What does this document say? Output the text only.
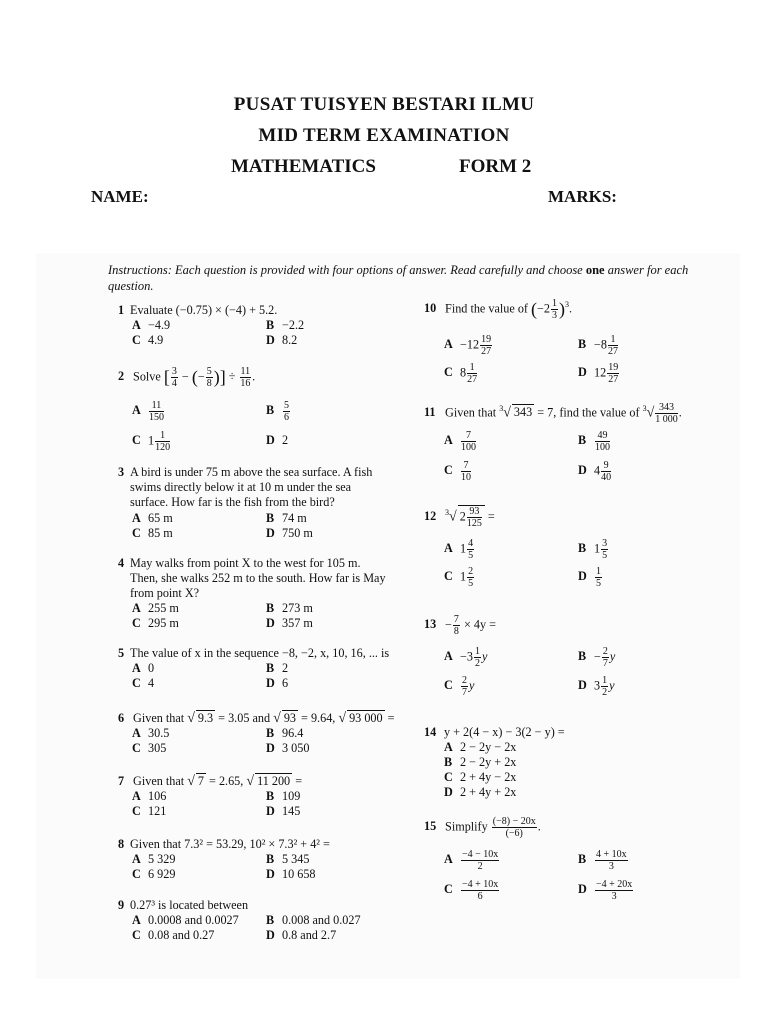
PUSAT TUISYEN BESTARI ILMU
MID TERM EXAMINATION
MATHEMATICS	FORM 2
NAME:	MARKS:
Instructions: Each question is provided with four options of answer. Read carefully and choose one answer for each question.
1 Evaluate (−0.75) × (−4) + 5.2.
A −4.9	B −2.2
C 4.9	D 8.2
2 Solve [ $\frac{3}{4}$ − (− $\frac{5}{8}$ )] ÷ $\frac{11}{16}$ .
A $\frac{11}{150}$	B $\frac{5}{6}$
C $1 \frac{1}{120}$	D 2
3 A bird is under 75 m above the sea surface. A fish
swims directly below it at 10 m under the sea
surface. How far is the fish from the bird?
A 65 m	B 74 m
C 85 m	D 750 m
4 May walks from point X to the west for 105 m.
Then, she walks 252 m to the south. How far is May
from point X?
A 255 m	B 273 m
C 295 m	D 357 m
5 The value of x in the sequence −8, −2, x, 10, 16, ... is
A 0	B 2
C 4	D 6
6 Given that √ 9.3 = 3.05 and √ 93 = 9.64, √ 93 000 =
A 30.5	B 96.4
C 305	D 3 050
7 Given that √ 7 = 2.65, √ 11 200 =
A 106	B 109
C 121	D 145
8 Given that 7.3² = 53.29, 10² × 7.3² + 4² =
A 5 329	B 5 345
C 6 929	D 10 658
9 0.27³ is located between
A 0.0008 and 0.0027 B 0.008 and 0.027
C 0.08 and 0.27	D 0.8 and 2.7
10 Find the value of $(-2 \frac{1}{3} )^3$.
$A -12 \frac{19}{27}$	$B -8 \frac{1}{27}$
C $8 \frac{1}{27}$	D $12 \frac{19}{27}$
11 Given that $^3$√ 343 = 7, find the value of $^3√ \frac{343}{1 000}$ .
A $\frac{7}{100}$	B $\frac{49}{100}$
C $\frac{7}{10}$	D $4 \frac{9}{40}$
12 $^3$√ $2 \frac{93}{125}$ =
A $1 \frac{4}{5}$	B $1 \frac{3}{5}$
C $1 \frac{2}{5}$	D $\frac{1}{5}$
$13 - \frac{7}{8} \times 4y$ =
$A -3 \frac{1}{2}$ y	$B - \frac{2}{7}$ y
C $\frac{2}{7}$ y	D $3 \frac{1}{2}$ y
14 y + 2(4 − x) − 3(2 − y) =
A 2 − 2y − 2x
B 2 − 2y + 2x
C 2 + 4y − 2x
D 2 + 4y + 2x
15 Simplify $\frac{(-8) - 20x}{(-6)}$ .
A $\frac{-4 - 10x}{2}$	B $\frac{4 + 10x}{3}$
C $\frac{-4 + 10x}{6}$	D $\frac{-4 + 20x}{3}$
